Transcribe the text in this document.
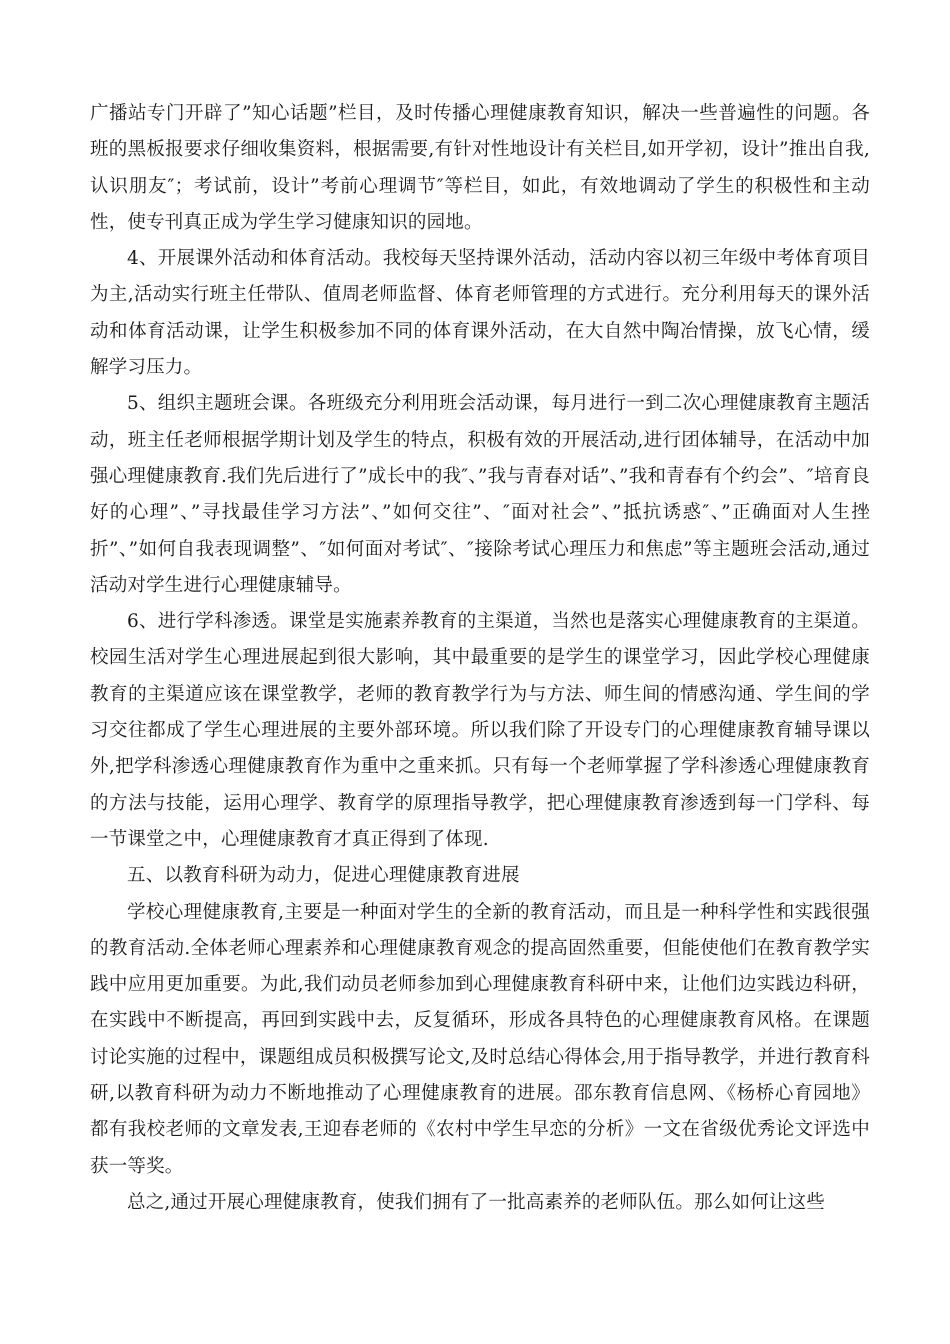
广播站专门开辟了”知心话题”栏目，及时传播心理健康教育知识，解决一些普遍性的问题。各班的黑板报要求仔细收集资料，根据需要,有针对性地设计有关栏目,如开学初，设计”推出自我,认识朋友″；考试前，设计”考前心理调节″等栏目，如此，有效地调动了学生的积极性和主动性，使专刊真正成为学生学习健康知识的园地。

4、开展课外活动和体育活动。我校每天坚持课外活动，活动内容以初三年级中考体育项目为主,活动实行班主任带队、值周老师监督、体育老师管理的方式进行。充分利用每天的课外活动和体育活动课，让学生积极参加不同的体育课外活动，在大自然中陶冶情操，放飞心情，缓解学习压力。

5、组织主题班会课。各班级充分利用班会活动课，每月进行一到二次心理健康教育主题活动，班主任老师根据学期计划及学生的特点，积极有效的开展活动,进行团体辅导，在活动中加强心理健康教育.我们先后进行了”成长中的我″、”我与青春对话”、”我和青春有个约会”、″培育良好的心理”、”寻找最佳学习方法”、”如何交往”、″面对社会”、”抵抗诱惑″、”正确面对人生挫折”、”如何自我表现调整”、″如何面对考试″、″接除考试心理压力和焦虑”等主题班会活动,通过活动对学生进行心理健康辅导。

6、进行学科渗透。课堂是实施素养教育的主渠道，当然也是落实心理健康教育的主渠道。校园生活对学生心理进展起到很大影响，其中最重要的是学生的课堂学习，因此学校心理健康教育的主渠道应该在课堂教学，老师的教育教学行为与方法、师生间的情感沟通、学生间的学习交往都成了学生心理进展的主要外部环境。所以我们除了开设专门的心理健康教育辅导课以外,把学科渗透心理健康教育作为重中之重来抓。只有每一个老师掌握了学科渗透心理健康教育的方法与技能，运用心理学、教育学的原理指导教学，把心理健康教育渗透到每一门学科、每一节课堂之中，心理健康教育才真正得到了体现.

五、以教育科研为动力，促进心理健康教育进展

学校心理健康教育,主要是一种面对学生的全新的教育活动，而且是一种科学性和实践很强的教育活动.全体老师心理素养和心理健康教育观念的提高固然重要，但能使他们在教育教学实践中应用更加重要。为此,我们动员老师参加到心理健康教育科研中来，让他们边实践边科研，在实践中不断提高，再回到实践中去，反复循环，形成各具特色的心理健康教育风格。在课题讨论实施的过程中，课题组成员积极撰写论文,及时总结心得体会,用于指导教学，并进行教育科研,以教育科研为动力不断地推动了心理健康教育的进展。邵东教育信息网、《杨桥心育园地》都有我校老师的文章发表,王迎春老师的《农村中学生早恋的分析》一文在省级优秀论文评选中获一等奖。

总之,通过开展心理健康教育，使我们拥有了一批高素养的老师队伍。那么如何让这些
